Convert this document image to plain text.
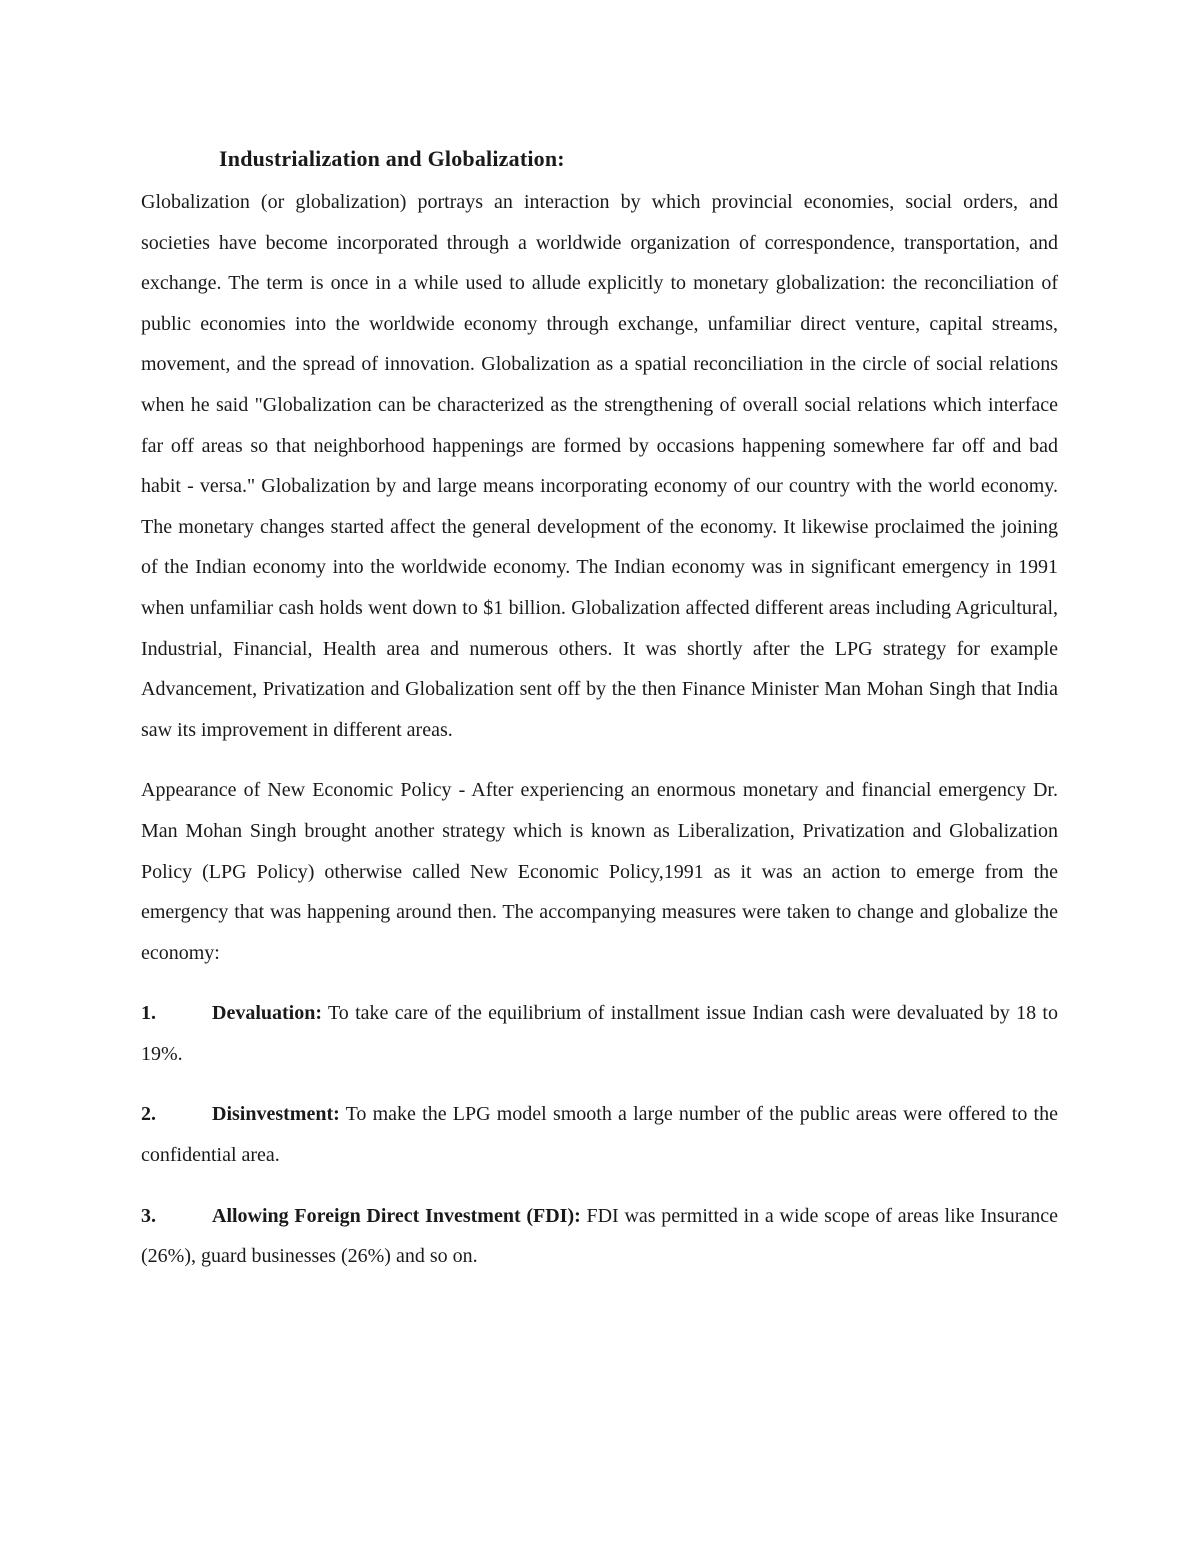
Industrialization and Globalization:

Globalization (or globalization) portrays an interaction by which provincial economies, social orders, and societies have become incorporated through a worldwide organization of correspondence, transportation, and exchange. The term is once in a while used to allude explicitly to monetary globalization: the reconciliation of public economies into the worldwide economy through exchange, unfamiliar direct venture, capital streams, movement, and the spread of innovation. Globalization as a spatial reconciliation in the circle of social relations when he said "Globalization can be characterized as the strengthening of overall social relations which interface far off areas so that neighborhood happenings are formed by occasions happening somewhere far off and bad habit - versa." Globalization by and large means incorporating economy of our country with the world economy. The monetary changes started affect the general development of the economy. It likewise proclaimed the joining of the Indian economy into the worldwide economy. The Indian economy was in significant emergency in 1991 when unfamiliar cash holds went down to $1 billion. Globalization affected different areas including Agricultural, Industrial, Financial, Health area and numerous others. It was shortly after the LPG strategy for example Advancement, Privatization and Globalization sent off by the then Finance Minister Man Mohan Singh that India saw its improvement in different areas.

Appearance of New Economic Policy - After experiencing an enormous monetary and financial emergency Dr. Man Mohan Singh brought another strategy which is known as Liberalization, Privatization and Globalization Policy (LPG Policy) otherwise called New Economic Policy,1991 as it was an action to emerge from the emergency that was happening around then. The accompanying measures were taken to change and globalize the economy:

1.	Devaluation: To take care of the equilibrium of installment issue Indian cash were devaluated by 18 to 19%.

2.	Disinvestment: To make the LPG model smooth a large number of the public areas were offered to the confidential area.

3.	Allowing Foreign Direct Investment (FDI): FDI was permitted in a wide scope of areas like Insurance (26%), guard businesses (26%) and so on.
